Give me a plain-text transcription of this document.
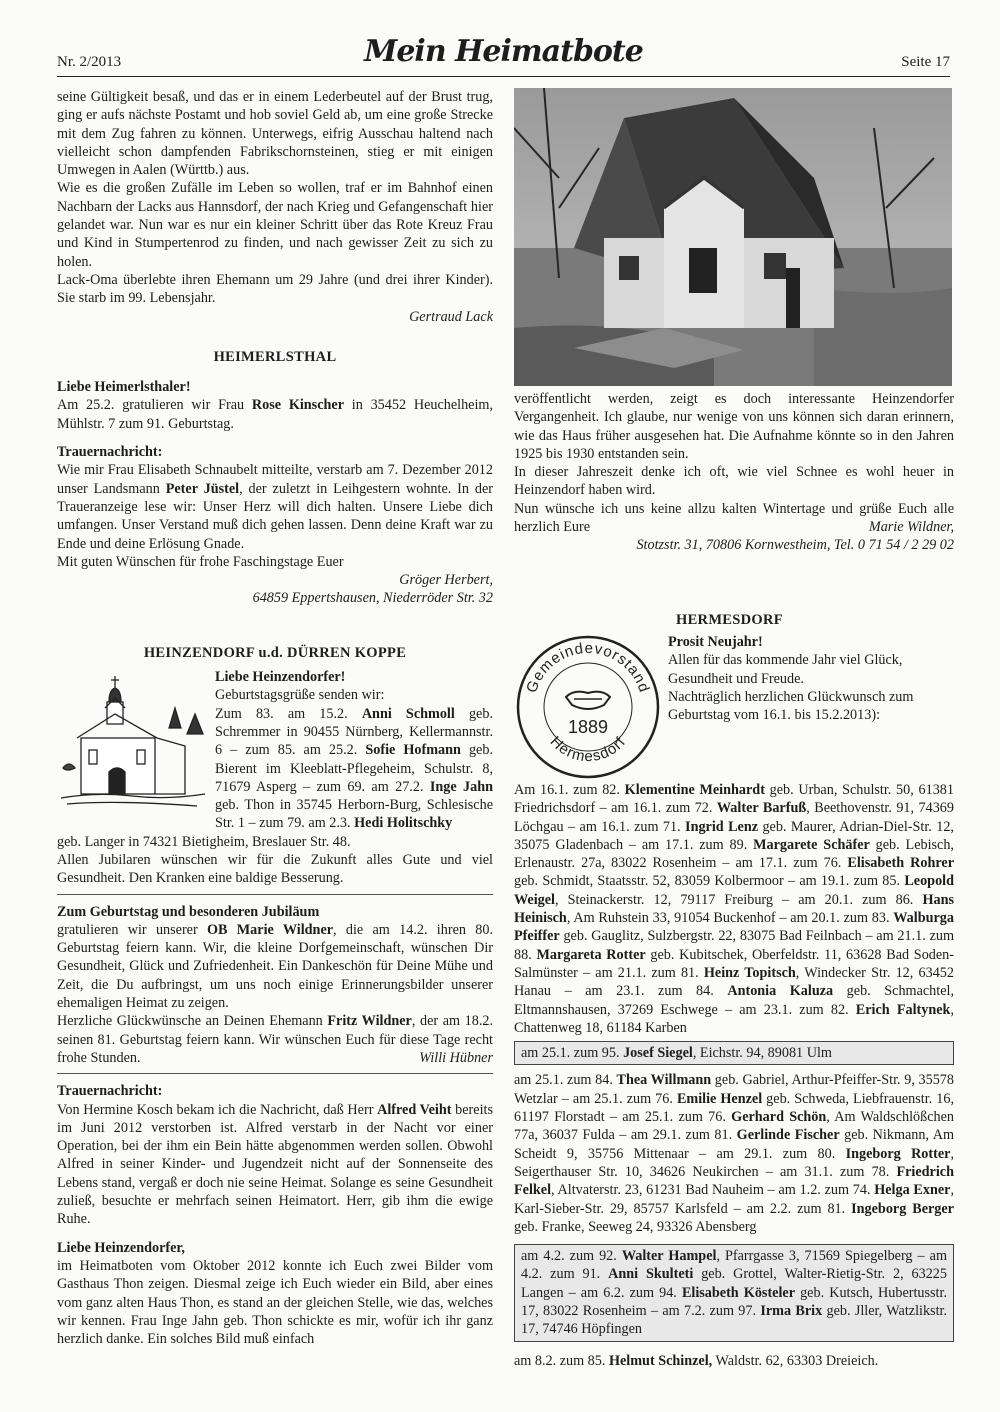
Nr. 2/2013	Mein Heimatbote	Seite 17

seine Gültigkeit besaß, und das er in einem Lederbeutel auf der Brust trug, ging er aufs nächste Postamt und hob soviel Geld ab, um eine große Strecke mit dem Zug fahren zu können. Unterwegs, eifrig Ausschau haltend nach vielleicht schon dampfenden Fabrikschornsteinen, stieg er mit einigen Umwegen in Aalen (Württb.) aus.

Wie es die großen Zufälle im Leben so wollen, traf er im Bahnhof einen Nachbarn der Lacks aus Hannsdorf, der nach Krieg und Gefangenschaft hier gelandet war. Nun war es nur ein kleiner Schritt über das Rote Kreuz Frau und Kind in Stumpertenrod zu finden, und nach gewisser Zeit zu sich zu holen.

Lack-Oma überlebte ihren Ehemann um 29 Jahre (und drei ihrer Kinder). Sie starb im 99. Lebensjahr.

Gertraud Lack

HEIMERLSTHAL
Liebe Heimerlsthaler!

Am 25.2. gratulieren wir Frau Rose Kinscher in 35452 Heuchelheim, Mühlstr. 7 zum 91. Geburtstag.

Trauernachricht:

Wie mir Frau Elisabeth Schnaubelt mitteilte, verstarb am 7. Dezember 2012 unser Landsmann Peter Jüstel, der zuletzt in Leihgestern wohnte. In der Traueranzeige lese wir: Unser Herz will dich halten. Unsere Liebe dich umfangen. Unser Verstand muß dich gehen lassen. Denn deine Kraft war zu Ende und deine Erlösung Gnade.

Mit guten Wünschen für frohe Faschingstage Euer

Gröger Herbert,

64859 Eppertshausen, Niederröder Str. 32

HEINZENDORF u.d. DÜRREN KOPPE
Liebe Heinzendorfer!

Geburtstagsgrüße senden wir:

Zum 83. am 15.2. Anni Schmoll geb. Schremmer in 90455 Nürnberg, Kellermannstr. 6 – zum 85. am 25.2. Sofie Hofmann geb. Bierent im Kleeblatt-Pflegeheim, Schulstr. 8, 71679 Asperg – zum 69. am 27.2. Inge Jahn geb. Thon in 35745 Herborn-Burg, Schlesische Str. 1 – zum 79. am 2.3. Hedi Holitschky

geb. Langer in 74321 Bietigheim, Breslauer Str. 48.

Allen Jubilaren wünschen wir für die Zukunft alles Gute und viel Gesundheit. Den Kranken eine baldige Besserung.

Zum Geburtstag und besonderen Jubiläum

gratulieren wir unserer OB Marie Wildner, die am 14.2. ihren 80. Geburtstag feiern kann. Wir, die kleine Dorfgemeinschaft, wünschen Dir Gesundheit, Glück und Zufriedenheit. Ein Dankeschön für Deine Mühe und Zeit, die Du aufbringst, um uns noch einige Erinnerungsbilder unserer ehemaligen Heimat zu zeigen.

Herzliche Glückwünsche an Deinen Ehemann Fritz Wildner, der am 18.2. seinen 81. Geburtstag feiern kann. Wir wünschen Euch für diese Tage recht frohe Stunden.	Willi Hübner

Trauernachricht:

Von Hermine Kosch bekam ich die Nachricht, daß Herr Alfred Veiht bereits im Juni 2012 verstorben ist. Alfred verstarb in der Nacht vor einer Operation, bei der ihm ein Bein hätte abgenommen werden sollen. Obwohl Alfred in seiner Kinder- und Jugendzeit nicht auf der Sonnenseite des Lebens stand, vergaß er doch nie seine Heimat. Solange es seine Gesundheit zuließ, besuchte er mehrfach seinen Heimatort. Herr, gib ihm die ewige Ruhe.

Liebe Heinzendorfer,

im Heimatboten vom Oktober 2012 konnte ich Euch zwei Bilder vom Gasthaus Thon zeigen. Diesmal zeige ich Euch wieder ein Bild, aber eines vom ganz alten Haus Thon, es stand an der gleichen Stelle, wie das, welches wir kennen. Frau Inge Jahn geb. Thon schickte es mir, wofür ich ihr ganz herzlich danke. Ein solches Bild muß einfach

veröffentlicht werden, zeigt es doch interessante Heinzendorfer Vergangenheit. Ich glaube, nur wenige von uns können sich daran erinnern, wie das Haus früher ausgesehen hat. Die Aufnahme könnte so in den Jahren 1925 bis 1930 entstanden sein.

In dieser Jahreszeit denke ich oft, wie viel Schnee es wohl heuer in Heinzendorf haben wird.

Nun wünsche ich uns keine allzu kalten Wintertage und grüße Euch alle herzlich Eure	Marie Wildner,

Stotzstr. 31, 70806 Kornwestheim, Tel. 0 71 54 / 2 29 02

HERMESDORF
Gemeindevorstand
Hermesdorf
1889
Prosit Neujahr!

Allen für das kommende Jahr viel Glück, Gesundheit und Freude.

Nachträglich herzlichen Glückwunsch zum Geburtstag vom 16.1. bis 15.2.2013):

Am 16.1. zum 82. Klementine Meinhardt geb. Urban, Schulstr. 50, 61381 Friedrichsdorf – am 16.1. zum 72. Walter Barfuß, Beethovenstr. 91, 74369 Löchgau – am 16.1. zum 71. Ingrid Lenz geb. Maurer, Adrian-Diel-Str. 12, 35075 Gladenbach – am 17.1. zum 89. Margarete Schäfer geb. Lebisch, Erlenaustr. 27a, 83022 Rosenheim – am 17.1. zum 76. Elisabeth Rohrer geb. Schmidt, Staatsstr. 52, 83059 Kolbermoor – am 19.1. zum 85. Leopold Weigel, Steinackerstr. 12, 79117 Freiburg – am 20.1. zum 86. Hans Heinisch, Am Ruhstein 33, 91054 Buckenhof – am 20.1. zum 83. Walburga Pfeiffer geb. Gauglitz, Sulzbergstr. 22, 83075 Bad Feilnbach – am 21.1. zum 88. Margareta Rotter geb. Kubitschek, Oberfeldstr. 11, 63628 Bad Soden-Salmünster – am 21.1. zum 81. Heinz Topitsch, Windecker Str. 12, 63452 Hanau – am 23.1. zum 84. Antonia Kaluza geb. Schmachtel, Eltmannshausen, 37269 Eschwege – am 23.1. zum 82. Erich Faltynek, Chattenweg 18, 61184 Karben

am 25.1. zum 95. Josef Siegel, Eichstr. 94, 89081 Ulm

am 25.1. zum 84. Thea Willmann geb. Gabriel, Arthur-Pfeiffer-Str. 9, 35578 Wetzlar – am 25.1. zum 76. Emilie Henzel geb. Schweda, Liebfrauenstr. 16, 61197 Florstadt – am 25.1. zum 76. Gerhard Schön, Am Waldschlößchen 77a, 36037 Fulda – am 29.1. zum 81. Gerlinde Fischer geb. Nikmann, Am Scheidt 9, 35756 Mittenaar – am 29.1. zum 80. Ingeborg Rotter, Seigerthauser Str. 10, 34626 Neukirchen – am 31.1. zum 78. Friedrich Felkel, Altvaterstr. 23, 61231 Bad Nauheim – am 1.2. zum 74. Helga Exner, Karl-Sieber-Str. 29, 85757 Karlsfeld – am 2.2. zum 81. Ingeborg Berger geb. Franke, Seeweg 24, 93326 Abensberg

am 4.2. zum 92. Walter Hampel, Pfarrgasse 3, 71569 Spiegelberg – am 4.2. zum 91. Anni Skulteti geb. Grottel, Walter-Rietig-Str. 2, 63225 Langen – am 6.2. zum 94. Elisabeth Kösteler geb. Kutsch, Hubertusstr. 17, 83022 Rosenheim – am 7.2. zum 97. Irma Brix geb. Jller, Watzlikstr. 17, 74746 Höpfingen

am 8.2. zum 85. Helmut Schinzel, Waldstr. 62, 63303 Dreieich.
